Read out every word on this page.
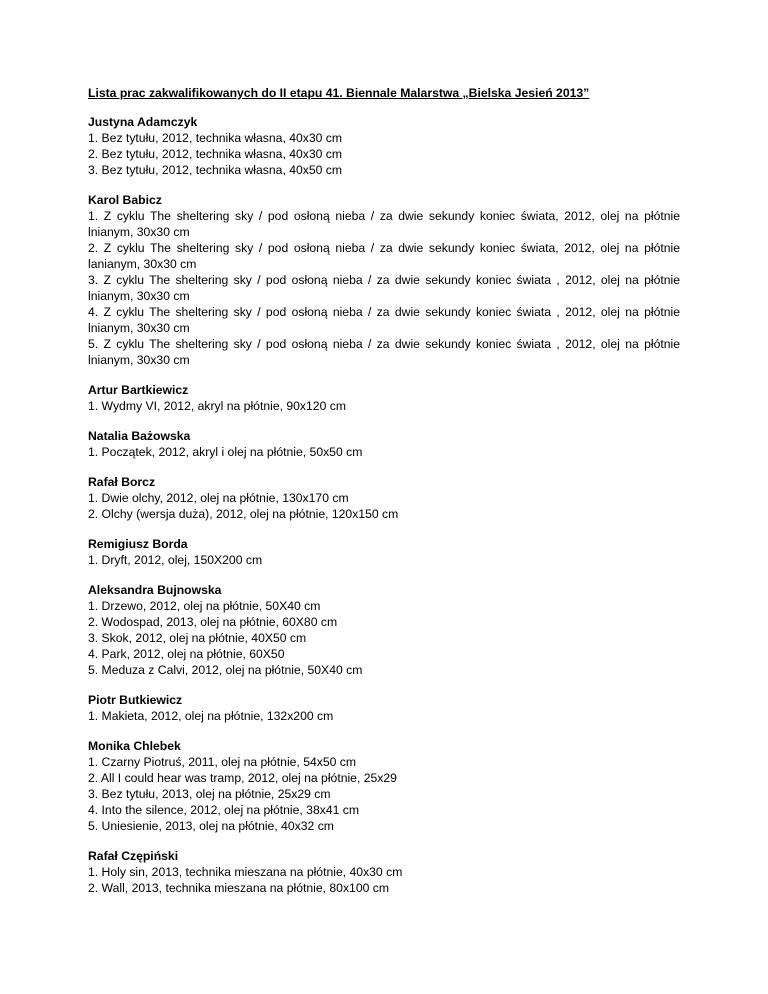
Lista prac zakwalifikowanych do II etapu 41. Biennale Malarstwa „Bielska Jesień 2013”
Justyna Adamczyk
1. Bez tytułu, 2012, technika własna, 40x30 cm
2. Bez tytułu, 2012, technika własna, 40x30 cm
3. Bez tytułu, 2012, technika własna, 40x50 cm
Karol Babicz
1. Z cyklu The sheltering sky / pod osłoną nieba / za dwie sekundy koniec świata, 2012, olej na płótnie lnianym, 30x30 cm
2. Z cyklu The sheltering sky / pod osłoną nieba / za dwie sekundy koniec świata, 2012, olej na płótnie lanianym, 30x30 cm
3. Z cyklu The sheltering sky / pod osłoną nieba / za dwie sekundy koniec świata , 2012, olej na płótnie lnianym, 30x30 cm
4. Z cyklu The sheltering sky / pod osłoną nieba / za dwie sekundy koniec świata , 2012, olej na płótnie lnianym, 30x30 cm
5. Z cyklu The sheltering sky / pod osłoną nieba / za dwie sekundy koniec świata , 2012, olej na płótnie lnianym, 30x30 cm
Artur Bartkiewicz
1. Wydmy VI, 2012, akryl na płótnie, 90x120 cm
Natalia Bażowska
1. Początek, 2012, akryl i olej na płótnie, 50x50 cm
Rafał Borcz
1. Dwie olchy, 2012, olej na płótnie, 130x170 cm
2. Olchy (wersja duża), 2012, olej na płótnie, 120x150 cm
Remigiusz Borda
1. Dryft, 2012, olej, 150X200 cm
Aleksandra Bujnowska
1. Drzewo, 2012, olej na płótnie, 50X40 cm
2. Wodospad, 2013, olej na płótnie, 60X80 cm
3. Skok, 2012, olej na płótnie, 40X50 cm
4. Park, 2012, olej na płótnie, 60X50
5. Meduza z Calvi, 2012, olej na płótnie, 50X40 cm
Piotr Butkiewicz
1. Makieta, 2012, olej na płótnie, 132x200 cm
Monika Chlebek
1. Czarny Piotruś, 2011, olej na płótnie, 54x50 cm
2. All I could hear was tramp, 2012, olej na płótnie, 25x29
3. Bez tytułu, 2013, olej na płótnie, 25x29 cm
4. Into the silence, 2012, olej na płótnie, 38x41 cm
5. Uniesienie, 2013, olej na płótnie, 40x32 cm
Rafał Czępiński
1. Holy sin, 2013, technika mieszana na płótnie, 40x30 cm
2. Wall, 2013, technika mieszana na płótnie, 80x100 cm
